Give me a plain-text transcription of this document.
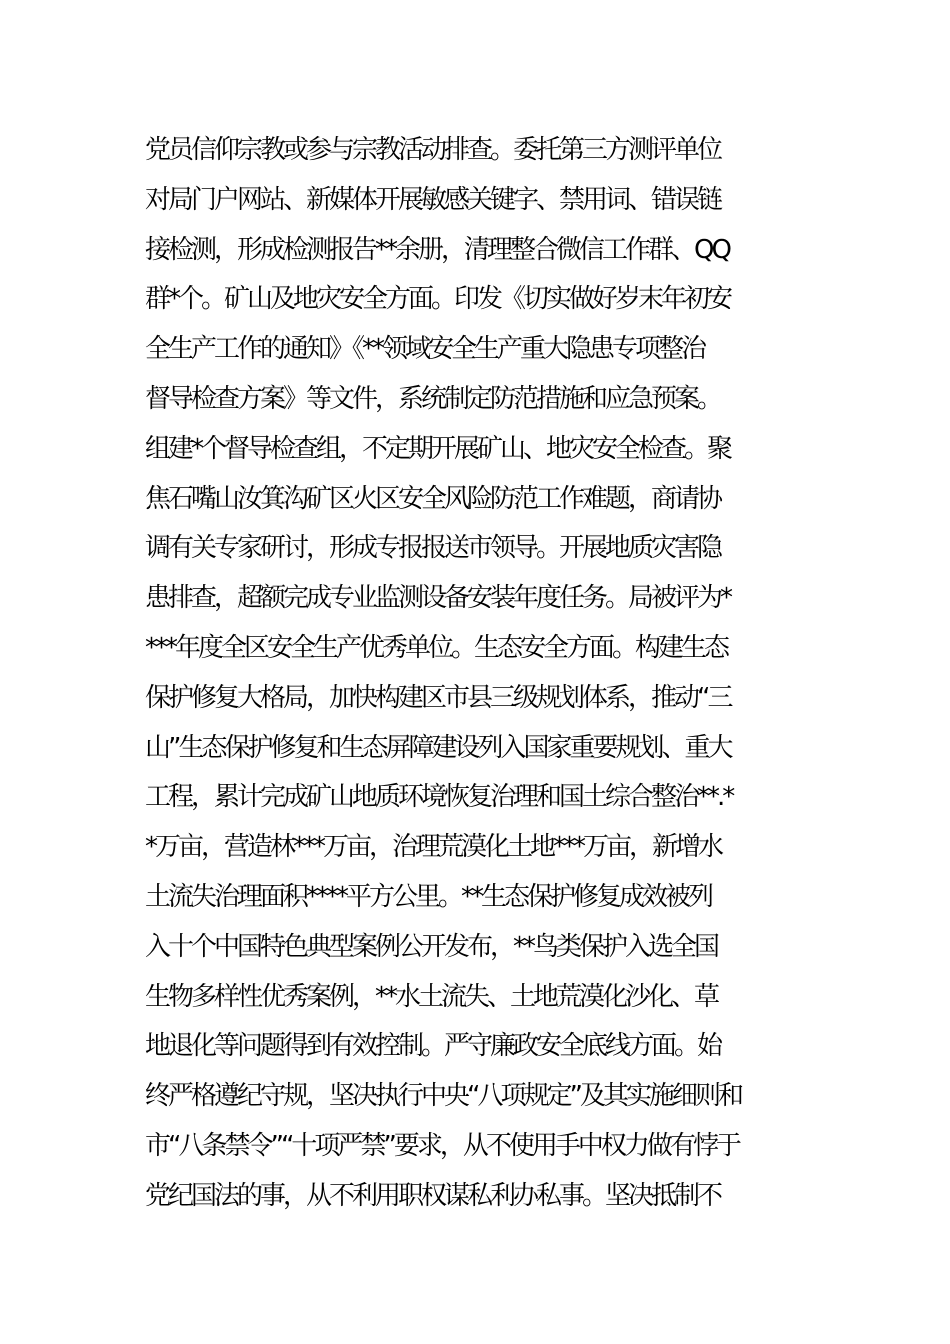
党员信仰宗教或参与宗教活动排查。委托第三方测评单位
对局门户网站、新媒体开展敏感关键字、禁用词、错误链
接检测，形成检测报告**余册，清理整合微信工作群、QQ
群*个。矿山及地灾安全方面。印发《切实做好岁末年初安
全生产工作的通知》《**领域安全生产重大隐患专项整治
督导检查方案》等文件，系统制定防范措施和应急预案。
组建*个督导检查组，不定期开展矿山、地灾安全检查。聚
焦石嘴山汝箕沟矿区火区安全风险防范工作难题，商请协
调有关专家研讨，形成专报报送市领导。开展地质灾害隐
患排查，超额完成专业监测设备安装年度任务。局被评为*
***年度全区安全生产优秀单位。生态安全方面。构建生态
保护修复大格局，加快构建区市县三级规划体系，推动“三
山”生态保护修复和生态屏障建设列入国家重要规划、重大
工程，累计完成矿山地质环境恢复治理和国土综合整治**.*
*万亩，营造林***万亩，治理荒漠化土地***万亩，新增水
土流失治理面积****平方公里。**生态保护修复成效被列
入十个中国特色典型案例公开发布，**鸟类保护入选全国
生物多样性优秀案例，**水土流失、土地荒漠化沙化、草
地退化等问题得到有效控制。严守廉政安全底线方面。始
终严格遵纪守规，坚决执行中央“八项规定”及其实施细则和
市“八条禁令”“十项严禁”要求，从不使用手中权力做有悖于
党纪国法的事，从不利用职权谋私利办私事。坚决抵制不
